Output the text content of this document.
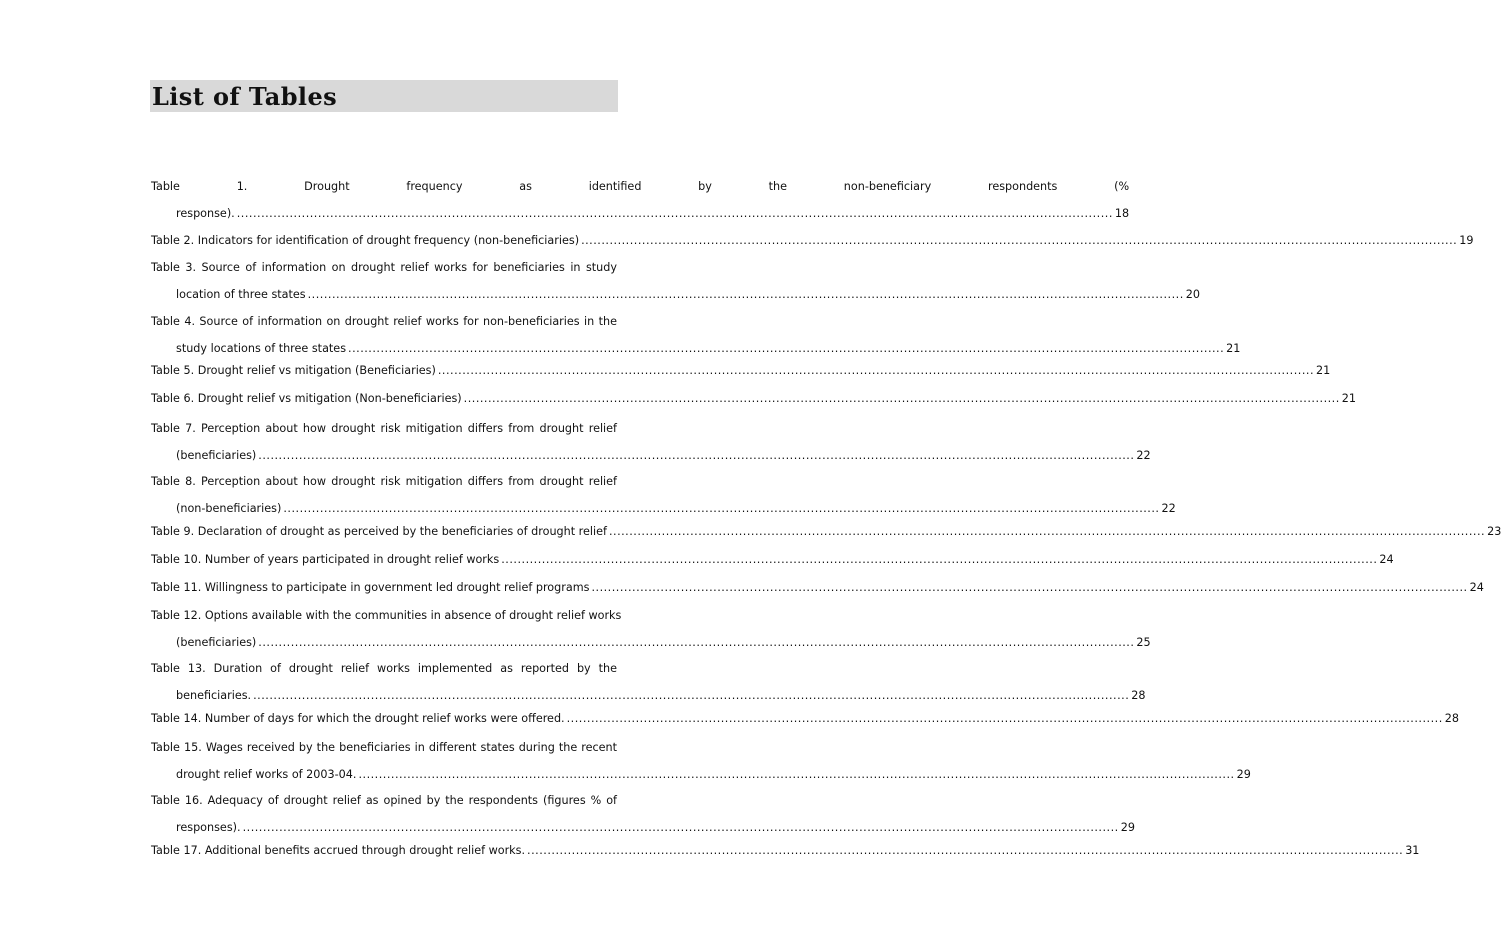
List of Tables
Table 1. Drought frequency as identified by the non-beneficiary respondents (%
response). ........................................................................................................................................................................................................................ 18
Table 2. Indicators for identification of drought frequency (non-beneficiaries) ........................................................................................................................................................................................................................ 19
Table 3. Source of information on drought relief works for beneficiaries in study
location of three states ........................................................................................................................................................................................................................ 20
Table 4. Source of information on drought relief works for non-beneficiaries in the
study locations of three states ........................................................................................................................................................................................................................ 21
Table 5. Drought relief vs mitigation (Beneficiaries) ........................................................................................................................................................................................................................ 21
Table 6. Drought relief vs mitigation (Non-beneficiaries) ........................................................................................................................................................................................................................ 21
Table 7. Perception about how drought risk mitigation differs from drought relief
(beneficiaries) ........................................................................................................................................................................................................................ 22
Table 8. Perception about how drought risk mitigation differs from drought relief
(non-beneficiaries) ........................................................................................................................................................................................................................ 22
Table 9. Declaration of drought as perceived by the beneficiaries of drought relief ........................................................................................................................................................................................................................ 23
Table 10. Number of years participated in drought relief works ........................................................................................................................................................................................................................ 24
Table 11. Willingness to participate in government led drought relief programs ........................................................................................................................................................................................................................ 24
Table 12. Options available with the communities in absence of drought relief works
(beneficiaries) ........................................................................................................................................................................................................................ 25
Table 13. Duration of drought relief works implemented as reported by the
beneficiaries. ........................................................................................................................................................................................................................ 28
Table 14. Number of days for which the drought relief works were offered. ........................................................................................................................................................................................................................ 28
Table 15. Wages received by the beneficiaries in different states during the recent
drought relief works of 2003-04. ........................................................................................................................................................................................................................ 29
Table 16. Adequacy of drought relief as opined by the respondents (figures % of
responses). ........................................................................................................................................................................................................................ 29
Table 17. Additional benefits accrued through drought relief works. ........................................................................................................................................................................................................................ 31
